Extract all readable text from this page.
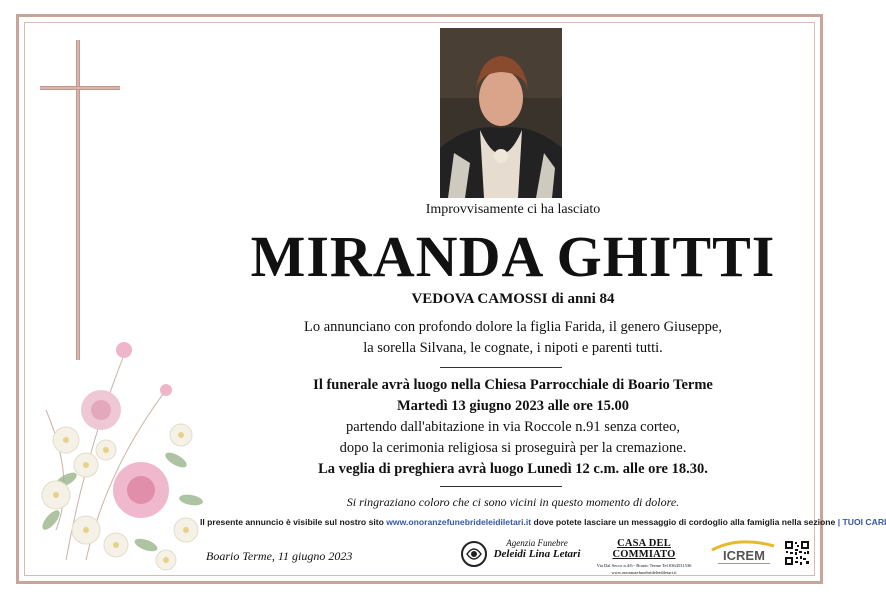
Improvvisamente ci ha lasciato
MIRANDA GHITTI
VEDOVA CAMOSSI di anni 84
Lo annunciano con profondo dolore la figlia Farida, il genero Giuseppe,
la sorella Silvana, le cognate, i nipoti e parenti tutti.
Il funerale avrà luogo nella Chiesa Parrocchiale di Boario Terme
Martedì 13 giugno 2023 alle ore 15.00
partendo dall'abitazione in via Roccole n.91 senza corteo,
dopo la cerimonia religiosa si proseguirà per la cremazione.
La veglia di preghiera avrà luogo Lunedì 12 c.m. alle ore 18.30.
Si ringraziano coloro che ci sono vicini in questo momento di dolore.
Il presente annuncio è visibile sul nostro sito www.onoranzefunebrideleidiletari.it dove potete lasciare un messaggio di cordoglio alla famiglia nella sezione | TUOI CARI
Boario Terme, 11 giugno 2023
Agenzia Funebre
Deleidi Lina Letari
CASA DEL COMMIATO
Via Dal Secco n.4/6 - Boario Terme Tel.0364531536
www.onoranzefunebrideleidiletari.it
ICREM
